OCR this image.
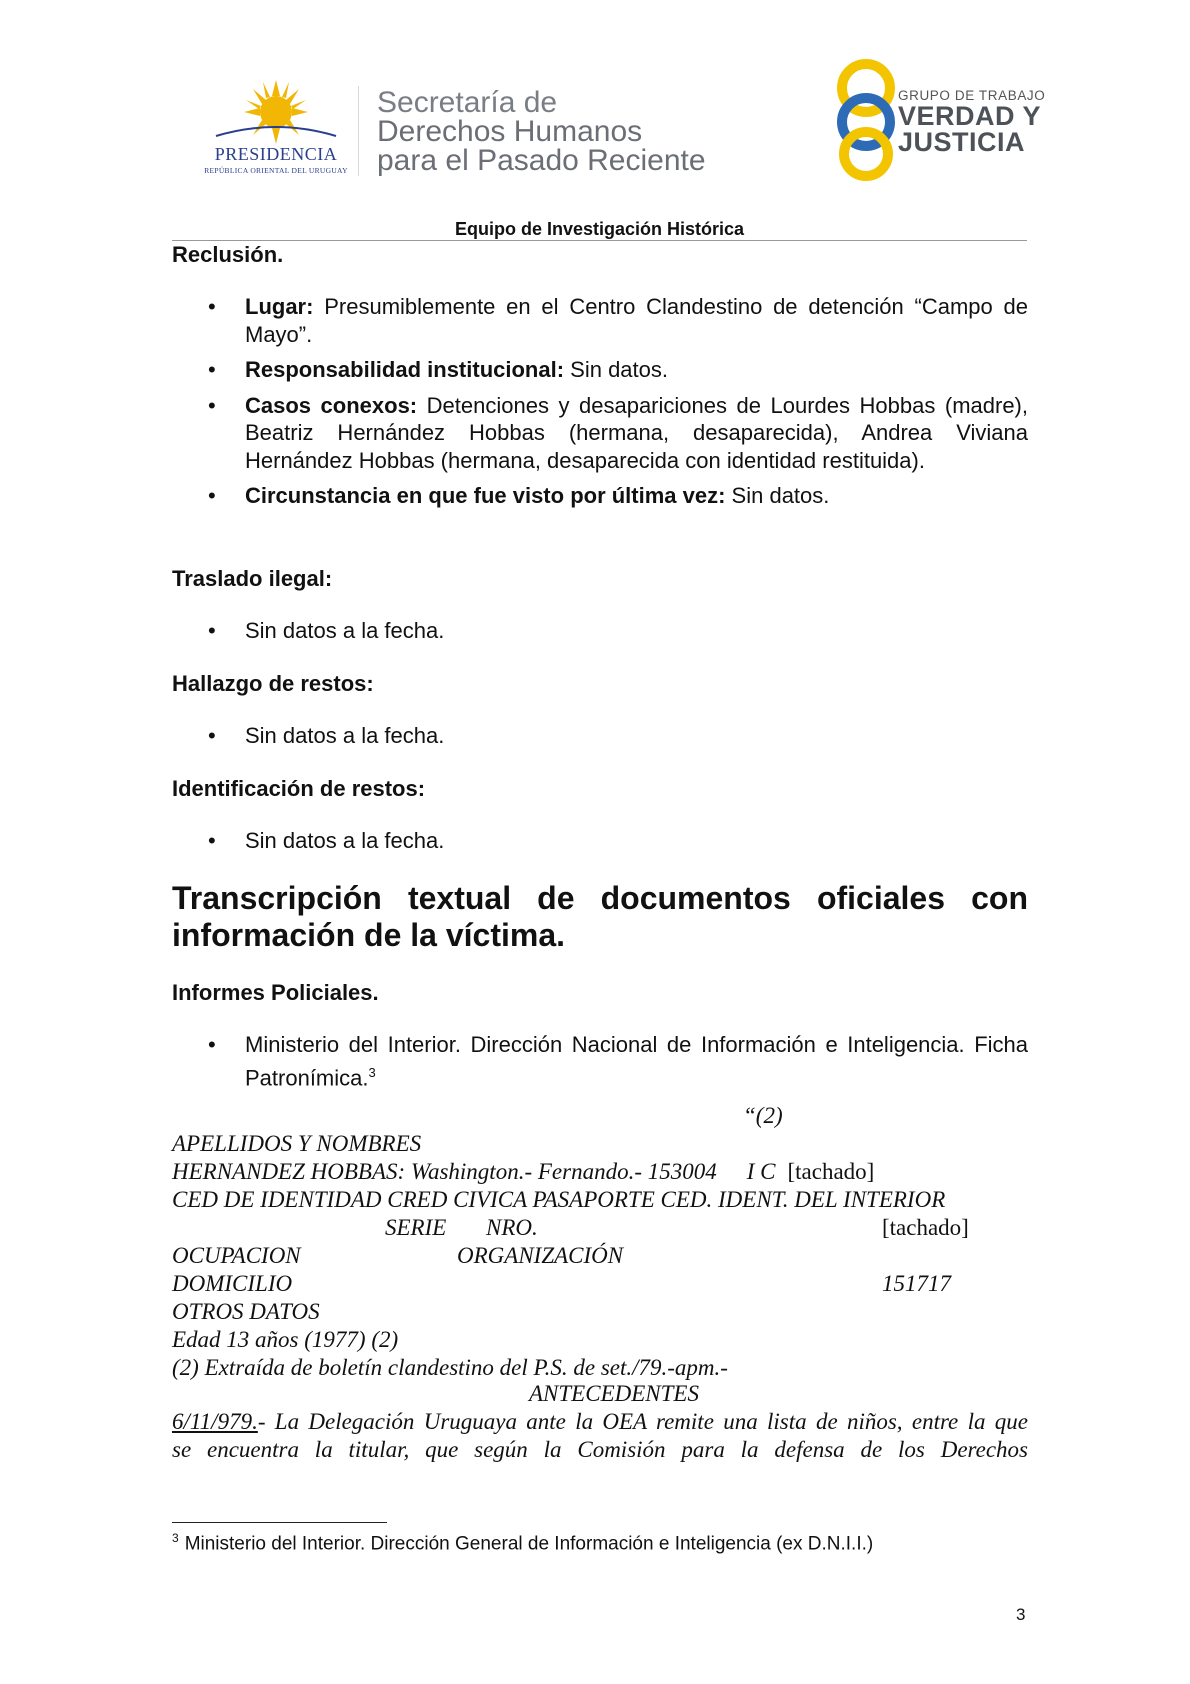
PRESIDENCIA
REPÚBLICA ORIENTAL DEL URUGUAY
Secretaría de
Derechos Humanos
para el Pasado Reciente
GRUPO DE TRABAJO
VERDAD Y
JUSTICIA
Equipo de Investigación Histórica
Reclusión.
• Lugar: Presumiblemente en el Centro Clandestino de detención “Campo de Mayo”.
• Responsabilidad institucional: Sin datos.
• Casos conexos: Detenciones y desapariciones de Lourdes Hobbas (madre), Beatriz Hernández Hobbas (hermana, desaparecida), Andrea Viviana Hernández Hobbas (hermana, desaparecida con identidad restituida).
• Circunstancia en que fue visto por última vez: Sin datos.
Traslado ilegal:
• Sin datos a la fecha.
Hallazgo de restos:
• Sin datos a la fecha.
Identificación de restos:
• Sin datos a la fecha.
Transcripción textual de documentos oficiales con
información de la víctima.
Informes Policiales.
• Ministerio del Interior. Dirección Nacional de Información e Inteligencia. Ficha Patronímica.$^3$
“(2)
APELLIDOS Y NOMBRES
HERNANDEZ HOBBAS: Washington.- Fernando.- 153004 I C [tachado]
CED DE IDENTIDAD CRED CIVICA PASAPORTE CED. IDENT. DEL INTERIOR
SERIE NRO.	[tachado]
OCUPACION	ORGANIZACIÓN
DOMICILIO	151717
OTROS DATOS
Edad 13 años (1977) (2)
(2) Extraída de boletín clandestino del P.S. de set./79.-apm.-
ANTECEDENTES
6/11/979.- La Delegación Uruguaya ante la OEA remite una lista de niños, entre la que
se encuentra la titular, que según la Comisión para la defensa de los Derechos
$^3$ Ministerio del Interior. Dirección General de Información e Inteligencia (ex D.N.I.I.)
3
